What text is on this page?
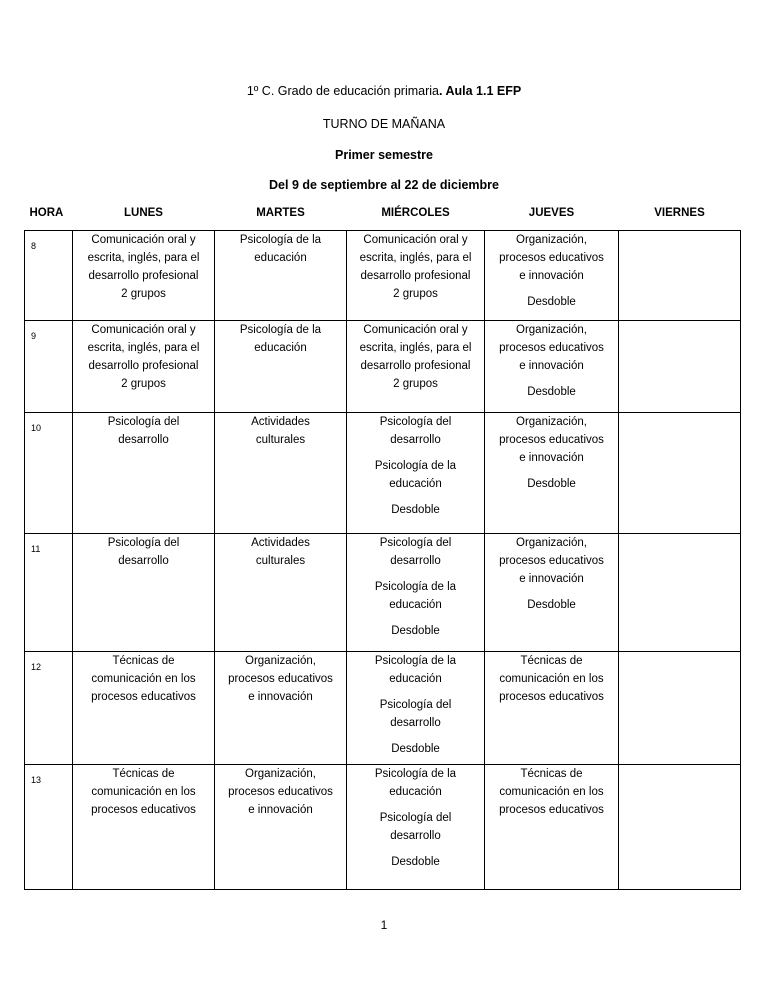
1º C. Grado de educación primaria. Aula 1.1 EFP
TURNO DE MAÑANA
Primer semestre
Del 9 de septiembre al 22 de diciembre
HORA	LUNES	MARTES	MIÉRCOLES	JUEVES	VIERNES
8	Comunicación oral y
escrita, inglés, para el
desarrollo profesional
2 grupos	Psicología de la
educación	Comunicación oral y
escrita, inglés, para el
desarrollo profesional
2 grupos	Organización,
procesos educativos
e innovación
Desdoble	

9	Comunicación oral y
escrita, inglés, para el
desarrollo profesional
2 grupos	Psicología de la
educación	Comunicación oral y
escrita, inglés, para el
desarrollo profesional
2 grupos	Organización,
procesos educativos
e innovación
Desdoble	

10	Psicología del
desarrollo	Actividades
culturales	Psicología del
desarrollo
Psicología de la
educación
Desdoble	Organización,
procesos educativos
e innovación
Desdoble	

11	Psicología del
desarrollo	Actividades
culturales	Psicología del
desarrollo
Psicología de la
educación
Desdoble	Organización,
procesos educativos
e innovación
Desdoble	

12	Técnicas de
comunicación en los
procesos educativos	Organización,
procesos educativos
e innovación	Psicología de la
educación
Psicología del
desarrollo
Desdoble	Técnicas de
comunicación en los
procesos educativos	

13	Técnicas de
comunicación en los
procesos educativos	Organización,
procesos educativos
e innovación	Psicología de la
educación
Psicología del
desarrollo
Desdoble	Técnicas de
comunicación en los
procesos educativos	

1
